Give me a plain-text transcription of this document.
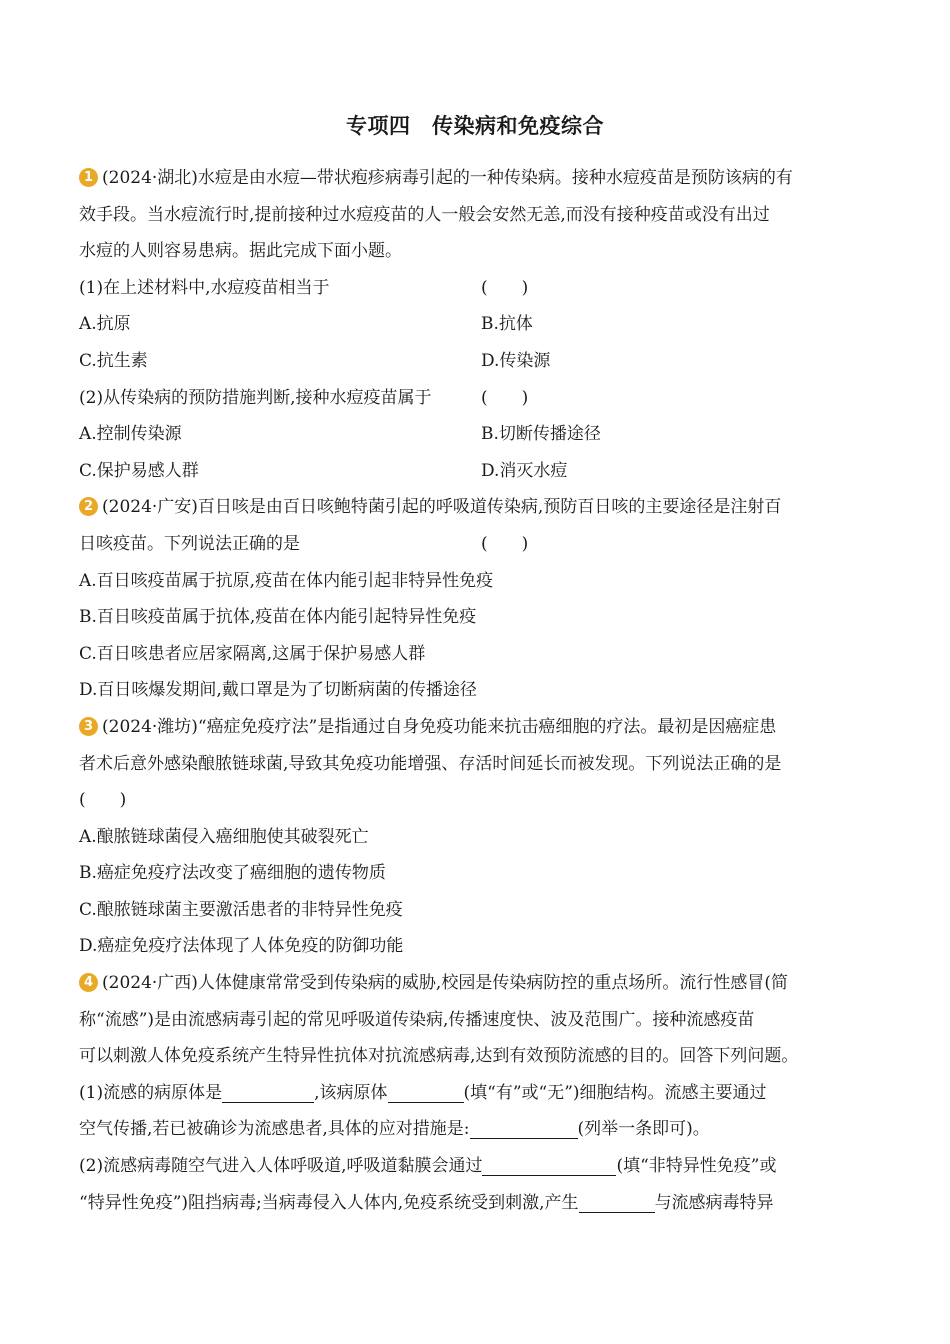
专项四　传染病和免疫综合
1 (2024·湖北)水痘是由水痘—带状疱疹病毒引起的一种传染病。接种水痘疫苗是预防该病的有
效手段。当水痘流行时,提前接种过水痘疫苗的人一般会安然无恙,而没有接种疫苗或没有出过
水痘的人则容易患病。据此完成下面小题。
(1)在上述材料中,水痘疫苗相当于	(　　)
A.抗原	B.抗体
C.抗生素	D.传染源
(2)从传染病的预防措施判断,接种水痘疫苗属于	(　　)
A.控制传染源	B.切断传播途径
C.保护易感人群	D.消灭水痘
2 (2024·广安)百日咳是由百日咳鲍特菌引起的呼吸道传染病,预防百日咳的主要途径是注射百
日咳疫苗。下列说法正确的是	(　　)
A.百日咳疫苗属于抗原,疫苗在体内能引起非特异性免疫
B.百日咳疫苗属于抗体,疫苗在体内能引起特异性免疫
C.百日咳患者应居家隔离,这属于保护易感人群
D.百日咳爆发期间,戴口罩是为了切断病菌的传播途径
3 (2024·潍坊)“癌症免疫疗法”是指通过自身免疫功能来抗击癌细胞的疗法。最初是因癌症患
者术后意外感染酿脓链球菌,导致其免疫功能增强、存活时间延长而被发现。下列说法正确的是
(　　)
A.酿脓链球菌侵入癌细胞使其破裂死亡
B.癌症免疫疗法改变了癌细胞的遗传物质
C.酿脓链球菌主要激活患者的非特异性免疫
D.癌症免疫疗法体现了人体免疫的防御功能
4 (2024·广西)人体健康常常受到传染病的威胁,校园是传染病防控的重点场所。流行性感冒(简
称“流感”)是由流感病毒引起的常见呼吸道传染病,传播速度快、波及范围广。接种流感疫苗
可以刺激人体免疫系统产生特异性抗体对抗流感病毒,达到有效预防流感的目的。回答下列问题。
(1)流感的病原体是	,该病原体	(填“有”或“无”)细胞结构。流感主要通过
空气传播,若已被确诊为流感患者,具体的应对措施是:	(列举一条即可)。
(2)流感病毒随空气进入人体呼吸道,呼吸道黏膜会通过	(填“非特异性免疫”或
“特异性免疫”)阻挡病毒;当病毒侵入人体内,免疫系统受到刺激,产生	与流感病毒特异
